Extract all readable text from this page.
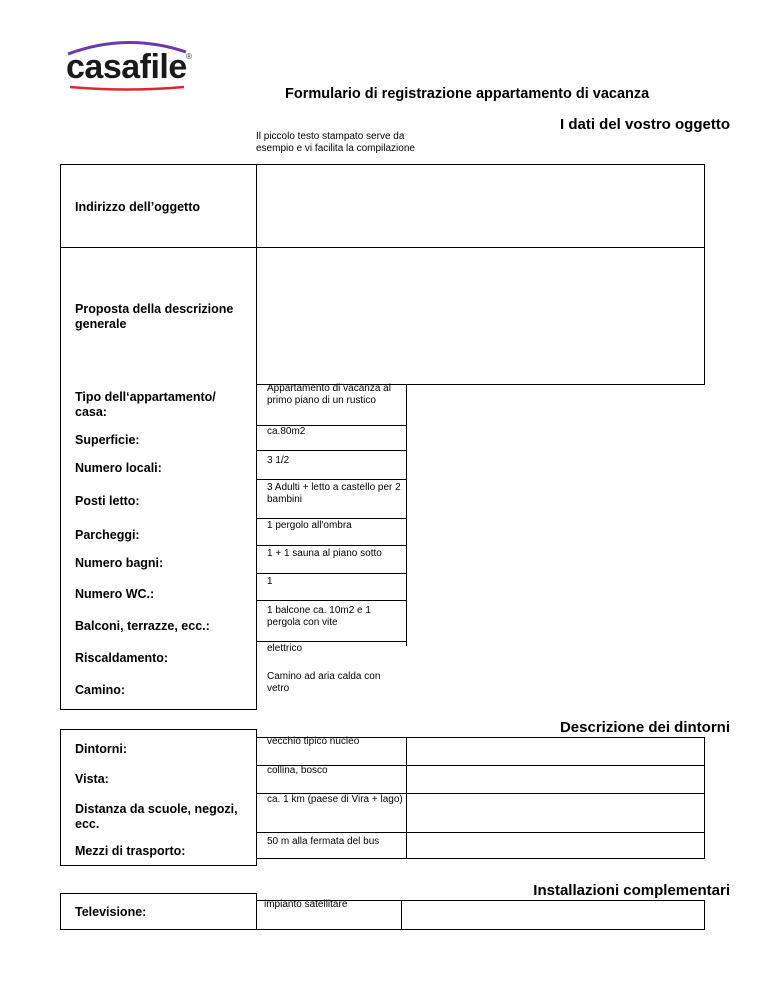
casafile ®
Formulario di registrazione appartamento di vacanza
I dati del vostro oggetto
Il piccolo testo stampato serve da esempio e vi facilita la compilazione
Indirizzo dell’oggetto
Proposta della descrizione generale
Tipo dell‘appartamento/ casa:
Superficie:
Numero locali:
Posti letto:
Parcheggi:
Numero bagni:
Numero WC.:
Balconi, terrazze, ecc.:
Riscaldamento:
Camino:
Appartamento di vacanza al primo piano di un rustico
ca.80m2
3 1/2
3 Adulti + letto a castello per 2 bambini
1 pergolo all'ombra
1 + 1 sauna al piano sotto
1
1 balcone ca. 10m2 e 1 pergola con vite
elettrico
Camino ad aria calda con vetro
Descrizione dei dintorni
Dintorni:
Vista:
Distanza da scuole, negozi, ecc.
Mezzi di trasporto:
vecchio tipico nucleo
collina, bosco
ca. 1 km (paese di Vira + lago)
50 m alla fermata del bus
Installazioni complementari
Televisione:
impianto satellitare
